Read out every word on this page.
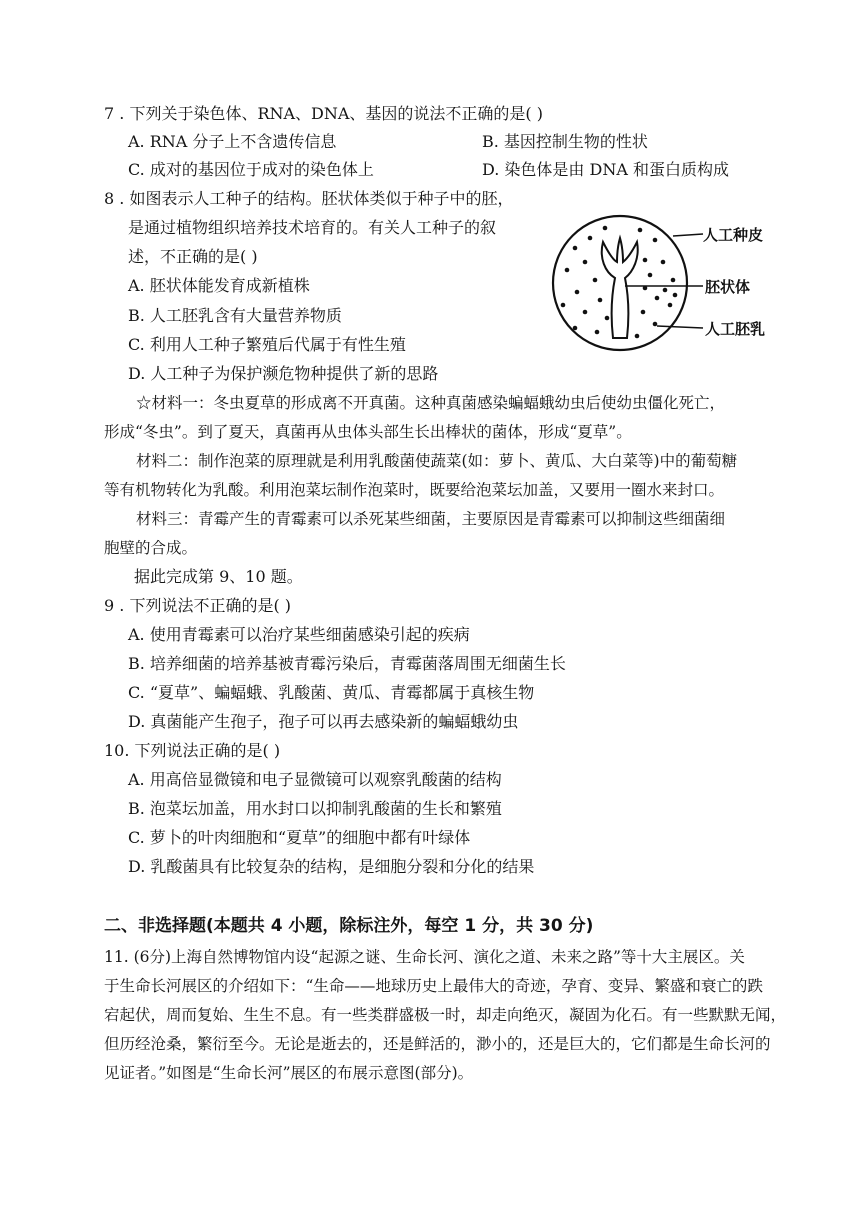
7 . 下列关于染色体、RNA、DNA、基因的说法不正确的是( )
A. RNA 分子上不含遗传信息	B. 基因控制生物的性状
C. 成对的基因位于成对的染色体上	D. 染色体是由 DNA 和蛋白质构成
8 . 如图表示人工种子的结构。胚状体类似于种子中的胚，
是通过植物组织培养技术培育的。有关人工种子的叙
述，不正确的是( )
A. 胚状体能发育成新植株
B. 人工胚乳含有大量营养物质
C. 利用人工种子繁殖后代属于有性生殖
D. 人工种子为保护濒危物种提供了新的思路
人工种皮
胚状体
人工胚乳
☆材料一：冬虫夏草的形成离不开真菌。这种真菌感染蝙蝠蛾幼虫后使幼虫僵化死亡，
形成“冬虫”。到了夏天，真菌再从虫体头部生长出棒状的菌体，形成“夏草”。
材料二：制作泡菜的原理就是利用乳酸菌使蔬菜(如：萝卜、黄瓜、大白菜等)中的葡萄糖
等有机物转化为乳酸。利用泡菜坛制作泡菜时，既要给泡菜坛加盖，又要用一圈水来封口。
材料三：青霉产生的青霉素可以杀死某些细菌，主要原因是青霉素可以抑制这些细菌细
胞壁的合成。
据此完成第 9、10 题。
9 . 下列说法不正确的是( )
A. 使用青霉素可以治疗某些细菌感染引起的疾病
B. 培养细菌的培养基被青霉污染后，青霉菌落周围无细菌生长
C. “夏草”、蝙蝠蛾、乳酸菌、黄瓜、青霉都属于真核生物
D. 真菌能产生孢子，孢子可以再去感染新的蝙蝠蛾幼虫
10. 下列说法正确的是( )
A. 用高倍显微镜和电子显微镜可以观察乳酸菌的结构
B. 泡菜坛加盖，用水封口以抑制乳酸菌的生长和繁殖
C. 萝卜的叶肉细胞和“夏草”的细胞中都有叶绿体
D. 乳酸菌具有比较复杂的结构，是细胞分裂和分化的结果
二、非选择题(本题共 4 小题，除标注外，每空 1 分，共 30 分)
11. (6分)上海自然博物馆内设“起源之谜、生命长河、演化之道、未来之路”等十大主展区。关
于生命长河展区的介绍如下：“生命——地球历史上最伟大的奇迹，孕育、变异、繁盛和衰亡的跌
宕起伏，周而复始、生生不息。有一些类群盛极一时，却走向绝灭，凝固为化石。有一些默默无闻，
但历经沧桑，繁衍至今。无论是逝去的，还是鲜活的，渺小的，还是巨大的，它们都是生命长河的
见证者。”如图是“生命长河”展区的布展示意图(部分)。
